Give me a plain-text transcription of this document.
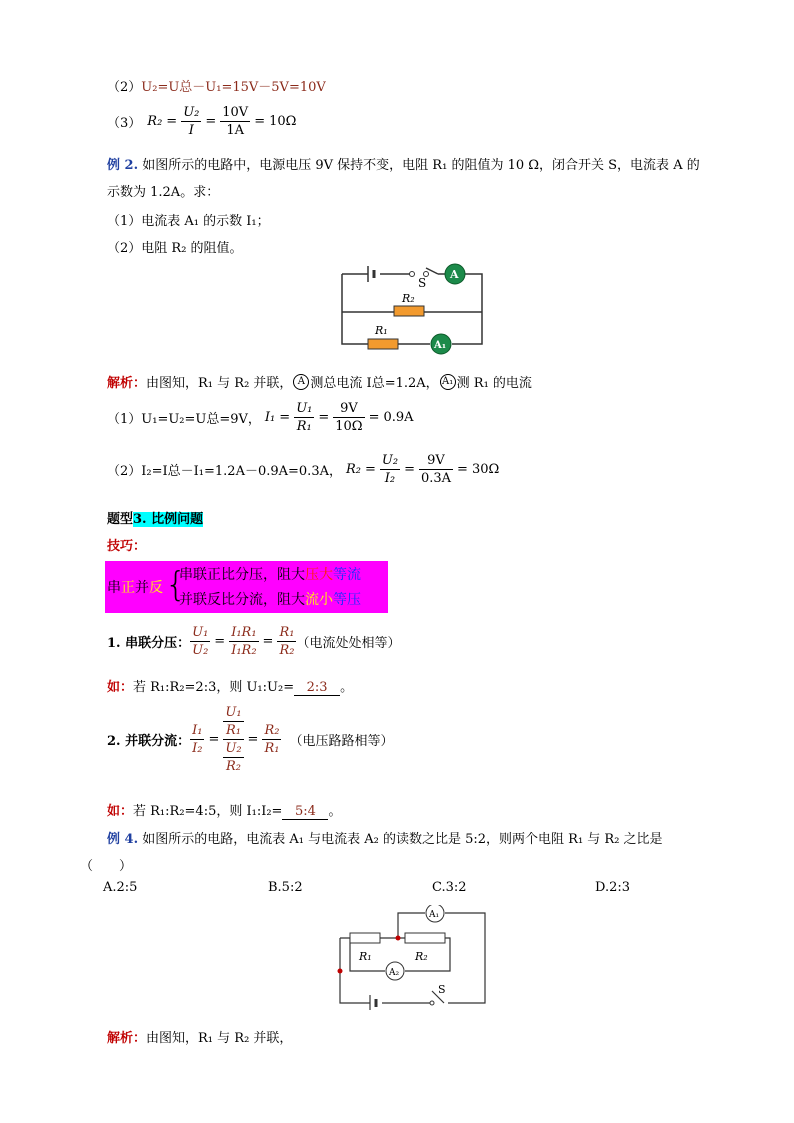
（2） U₂=U总－U₁=15V－5V=10V
（3） $R_2 = \frac{\text{U₂}}{I} = \frac{10V}{1A} = 10\Omega$
例 2. 如图所示的电路中，电源电压 9V 保持不变，电阻 R₁ 的阻值为 10 Ω，闭合开关 S，电流表 A 的
示数为 1.2A。求：
（1）电流表 A₁ 的示数 I₁；
（2）电阻 R₂ 的阻值。
S
A
R₂
R₁
A₁
解析： 由图知，R₁ 与 R₂ 并联， A 测总电流 I总=1.2A， A₁ 测 R₁ 的电流
（1） U₁=U₂=U总=9V， $I_1 = \frac{\text{U₁}}{\text{R₁}} = \frac{9V}{10\Omega} = 0.9A$
（2） I₂=I总－I₁=1.2A－0.9A=0.3A， $R_2 = \frac{\text{U₂}}{\text{I₂}} = \frac{9V}{0.3A} = 30\Omega$
题型3. 比例问题
技巧：
串正并反 {
串联正比分压，阻大压大等流
并联反比分流，阻大流小等压
1. 串联分压： $\frac{\text{U₁}}{\text{U₂}} = \frac{\text{I₁R₁}}{\text{I₁R₂}} = \frac{\text{R₁}}{\text{R₂}}$ （电流处处相等）
如：若 R₁:R₂=2:3，则 U₁:U₂= 2:3 。
2. 并联分流： $\frac{\text{I₁}}{\text{I₂}} = \frac{\frac{\text{U₁}}{\text{R₁}}}{\frac{\text{U₂}}{\text{R₂}}} = \frac{\text{R₂}}{\text{R₁}}$ （电压路路相等）
如：若 R₁:R₂=4:5，则 I₁:I₂= 5:4 。
例 4. 如图所示的电路，电流表 A₁ 与电流表 A₂ 的读数之比是 5:2，则两个电阻 R₁ 与 R₂ 之比是
（　　）
A.2:5	B.5:2	C.3:2	D.2:3
R₁	R₂
A₁
A₂
S
解析：由图知，R₁ 与 R₂ 并联，
